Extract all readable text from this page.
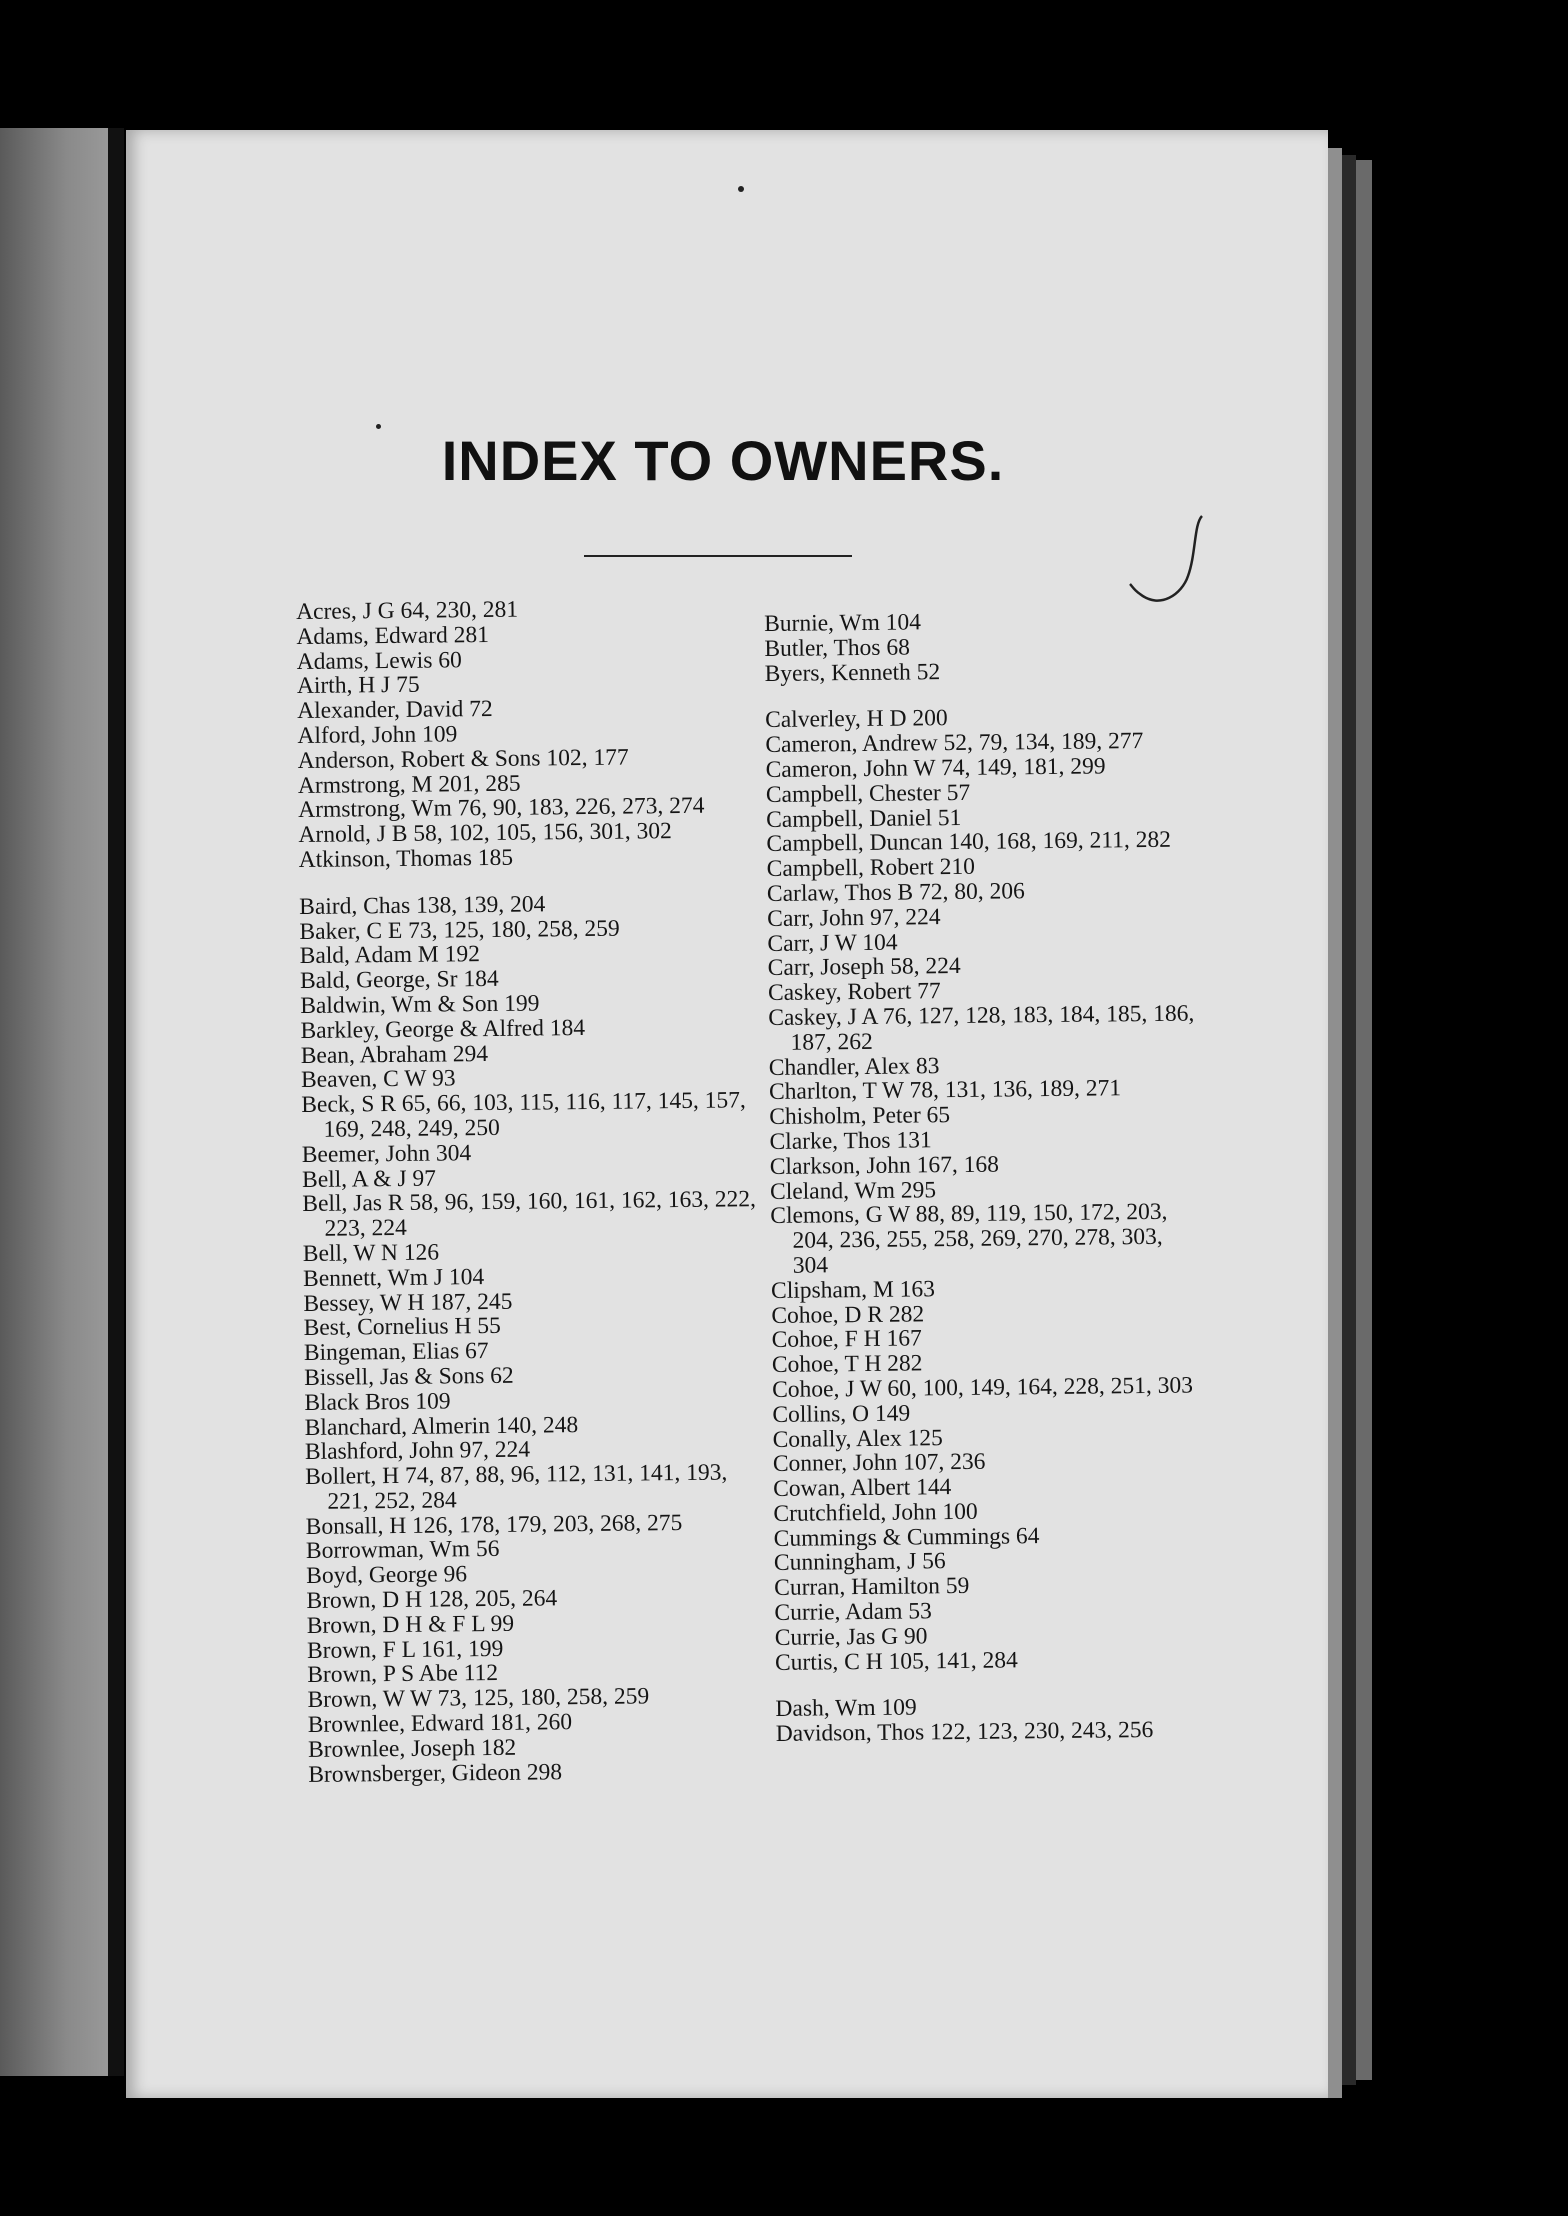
INDEX TO OWNERS.

Acres, J G 64, 230, 281

Adams, Edward 281

Adams, Lewis 60

Airth, H J 75

Alexander, David 72

Alford, John 109

Anderson, Robert & Sons 102, 177

Armstrong, M 201, 285

Armstrong, Wm 76, 90, 183, 226, 273, 274

Arnold, J B 58, 102, 105, 156, 301, 302

Atkinson, Thomas 185

Baird, Chas 138, 139, 204

Baker, C E 73, 125, 180, 258, 259

Bald, Adam M 192

Bald, George, Sr 184

Baldwin, Wm & Son 199

Barkley, George & Alfred 184

Bean, Abraham 294

Beaven, C W 93

Beck, S R 65, 66, 103, 115, 116, 117, 145, 157, 169, 248, 249, 250

Beemer, John 304

Bell, A & J 97

Bell, Jas R 58, 96, 159, 160, 161, 162, 163, 222, 223, 224

Bell, W N 126

Bennett, Wm J 104

Bessey, W H 187, 245

Best, Cornelius H 55

Bingeman, Elias 67

Bissell, Jas & Sons 62

Black Bros 109

Blanchard, Almerin 140, 248

Blashford, John 97, 224

Bollert, H 74, 87, 88, 96, 112, 131, 141, 193, 221, 252, 284

Bonsall, H 126, 178, 179, 203, 268, 275

Borrowman, Wm 56

Boyd, George 96

Brown, D H 128, 205, 264

Brown, D H & F L 99

Brown, F L 161, 199

Brown, P S Abe 112

Brown, W W 73, 125, 180, 258, 259

Brownlee, Edward 181, 260

Brownlee, Joseph 182

Brownsberger, Gideon 298

Burnie, Wm 104

Butler, Thos 68

Byers, Kenneth 52

Calverley, H D 200

Cameron, Andrew 52, 79, 134, 189, 277

Cameron, John W 74, 149, 181, 299

Campbell, Chester 57

Campbell, Daniel 51

Campbell, Duncan 140, 168, 169, 211, 282

Campbell, Robert 210

Carlaw, Thos B 72, 80, 206

Carr, John 97, 224

Carr, J W 104

Carr, Joseph 58, 224

Caskey, Robert 77

Caskey, J A 76, 127, 128, 183, 184, 185, 186, 187, 262

Chandler, Alex 83

Charlton, T W 78, 131, 136, 189, 271

Chisholm, Peter 65

Clarke, Thos 131

Clarkson, John 167, 168

Cleland, Wm 295

Clemons, G W 88, 89, 119, 150, 172, 203, 204, 236, 255, 258, 269, 270, 278, 303, 304

Clipsham, M 163

Cohoe, D R 282

Cohoe, F H 167

Cohoe, T H 282

Cohoe, J W 60, 100, 149, 164, 228, 251, 303

Collins, O 149

Conally, Alex 125

Conner, John 107, 236

Cowan, Albert 144

Crutchfield, John 100

Cummings & Cummings 64

Cunningham, J 56

Curran, Hamilton 59

Currie, Adam 53

Currie, Jas G 90

Curtis, C H 105, 141, 284

Dash, Wm 109

Davidson, Thos 122, 123, 230, 243, 256
